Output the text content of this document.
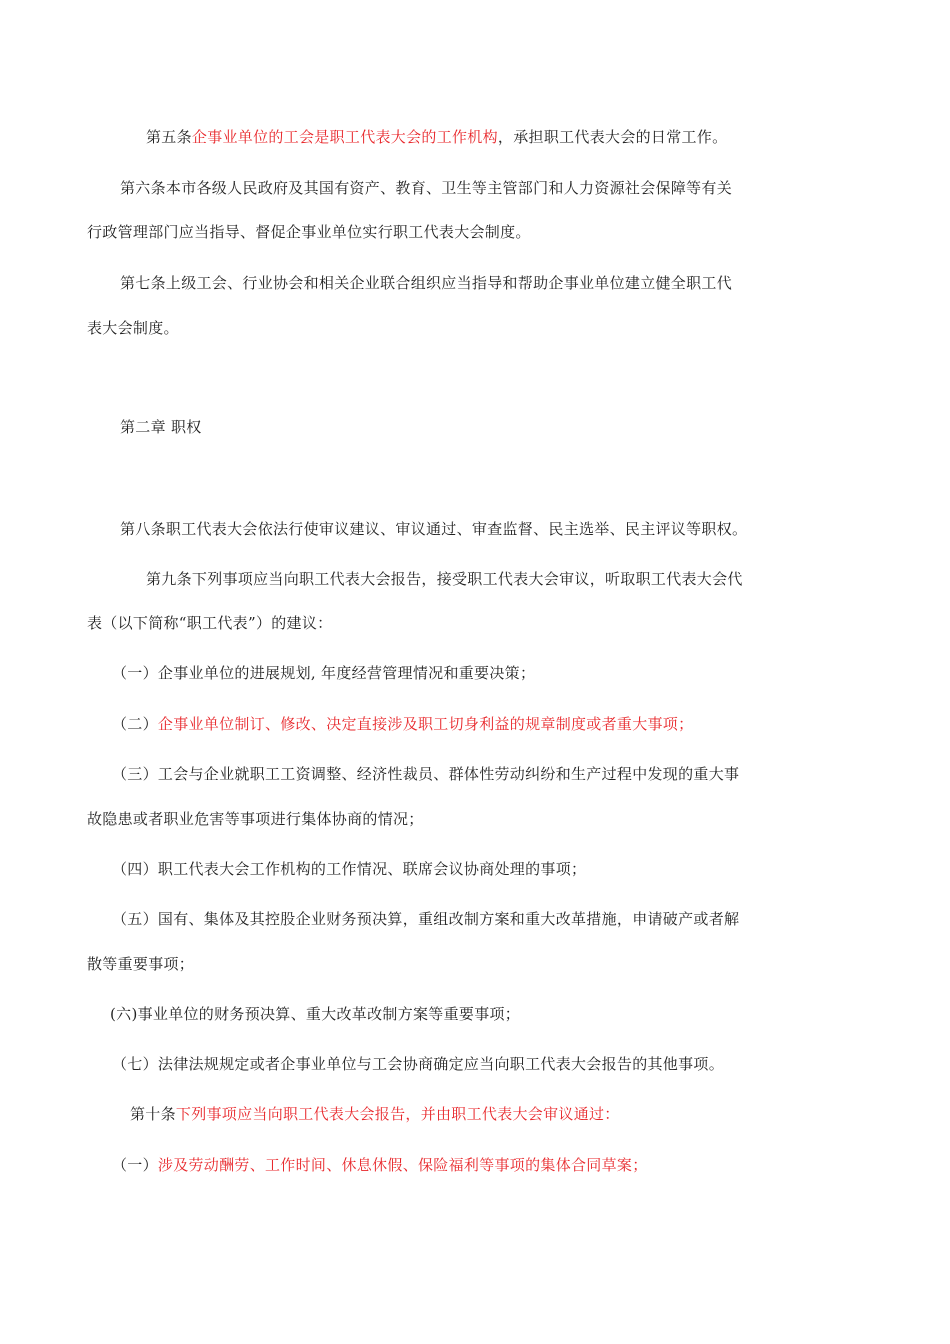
第五条企事业单位的工会是职工代表大会的工作机构，承担职工代表大会的日常工作。
第六条本市各级人民政府及其国有资产、教育、卫生等主管部门和人力资源社会保障等有关
行政管理部门应当指导、督促企事业单位实行职工代表大会制度。
第七条上级工会、行业协会和相关企业联合组织应当指导和帮助企事业单位建立健全职工代
表大会制度。
第二章 职权
第八条职工代表大会依法行使审议建议、审议通过、审查监督、民主选举、民主评议等职权。
第九条下列事项应当向职工代表大会报告，接受职工代表大会审议，听取职工代表大会代
表（以下简称“职工代表”）的建议：
（一）企事业单位的进展规划, 年度经营管理情况和重要决策；
（二）企事业单位制订、修改、决定直接涉及职工切身利益的规章制度或者重大事项；
（三）工会与企业就职工工资调整、经济性裁员、群体性劳动纠纷和生产过程中发现的重大事
故隐患或者职业危害等事项进行集体协商的情况；
（四）职工代表大会工作机构的工作情况、联席会议协商处理的事项；
（五）国有、集体及其控股企业财务预决算，重组改制方案和重大改革措施，申请破产或者解
散等重要事项；
(六)事业单位的财务预决算、重大改革改制方案等重要事项；
（七）法律法规规定或者企事业单位与工会协商确定应当向职工代表大会报告的其他事项。
第十条下列事项应当向职工代表大会报告，并由职工代表大会审议通过：
（一）涉及劳动酬劳、工作时间、休息休假、保险福利等事项的集体合同草案；
